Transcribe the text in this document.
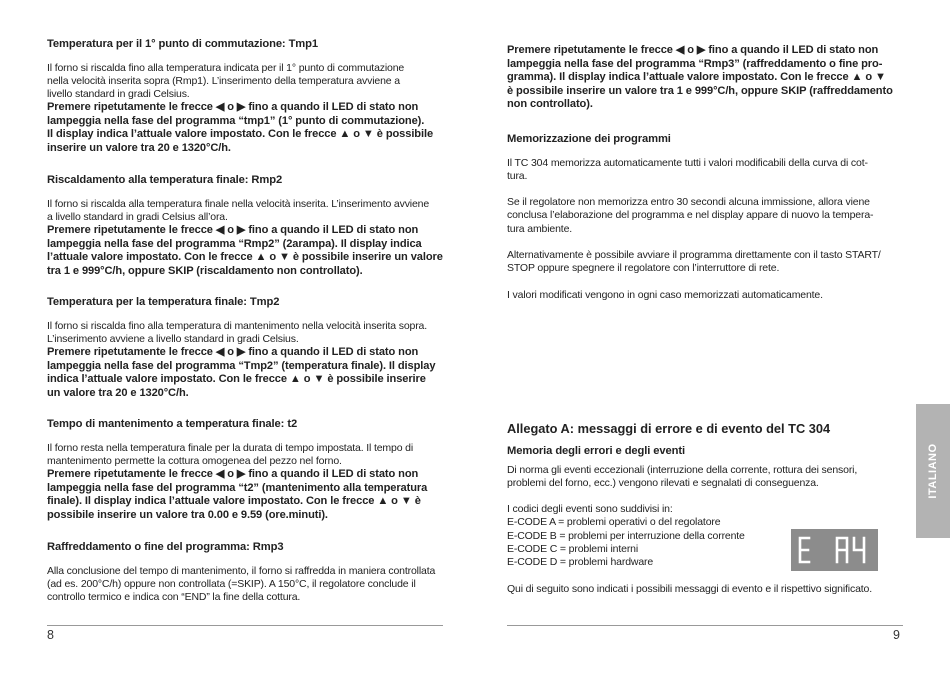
Temperatura per il 1° punto di commutazione: Tmp1
Il forno si riscalda fino alla temperatura indicata per il 1° punto di commutazione
nella velocità inserita sopra (Rmp1). L’inserimento della temperatura avviene a
livello standard in gradi Celsius.
Premere ripetutamente le frecce ◀ o ▶ fino a quando il LED di stato non
lampeggia nella fase del programma “tmp1” (1° punto di commutazione).
Il display indica l’attuale valore impostato. Con le frecce ▲ o ▼ è possibile
inserire un valore tra 20 e 1320°C/h.
Riscaldamento alla temperatura finale: Rmp2
Il forno si riscalda alla temperatura finale nella velocità inserita. L’inserimento avviene
a livello standard in gradi Celsius all’ora.
Premere ripetutamente le frecce ◀ o ▶ fino a quando il LED di stato non
lampeggia nella fase del programma “Rmp2” (2arampa). Il display indica
l’attuale valore impostato. Con le frecce ▲ o ▼ è possibile inserire un valore
tra 1 e 999°C/h, oppure SKIP (riscaldamento non controllato).
Temperatura per la temperatura finale: Tmp2
Il forno si riscalda fino alla temperatura di mantenimento nella velocità inserita sopra.
L’inserimento avviene a livello standard in gradi Celsius.
Premere ripetutamente le frecce ◀ o ▶ fino a quando il LED di stato non
lampeggia nella fase del programma “Tmp2” (temperatura finale). Il display
indica l’attuale valore impostato. Con le frecce ▲ o ▼ è possibile inserire
un valore tra 20 e 1320°C/h.
Tempo di mantenimento a temperatura finale: t2
Il forno resta nella temperatura finale per la durata di tempo impostata. Il tempo di
mantenimento permette la cottura omogenea del pezzo nel forno.
Premere ripetutamente le frecce ◀ o ▶ fino a quando il LED di stato non
lampeggia nella fase del programma “t2” (mantenimento alla temperatura
finale). Il display indica l’attuale valore impostato. Con le frecce ▲ o ▼ è
possibile inserire un valore tra 0.00 e 9.59 (ore.minuti).
Raffreddamento o fine del programma: Rmp3
Alla conclusione del tempo di mantenimento, il forno si raffredda in maniera controllata
(ad es. 200°C/h) oppure non controllata (=SKIP). A 150°C, il regolatore conclude il
controllo termico e indica con “END” la fine della cottura.
8
Premere ripetutamente le frecce ◀ o ▶ fino a quando il LED di stato non
lampeggia nella fase del programma “Rmp3” (raffreddamento o fine pro-
gramma). Il display indica l’attuale valore impostato. Con le frecce ▲ o ▼
è possibile inserire un valore tra 1 e 999°C/h, oppure SKIP (raffreddamento
non controllato).
Memorizzazione dei programmi
Il TC 304 memorizza automaticamente tutti i valori modificabili della curva di cot-
tura.
Se il regolatore non memorizza entro 30 secondi alcuna immissione, allora viene
conclusa l’elaborazione del programma e nel display appare di nuovo la tempera-
tura ambiente.
Alternativamente è possibile avviare il programma direttamente con il tasto START/
STOP oppure spegnere il regolatore con l’interruttore di rete.
I valori modificati vengono in ogni caso memorizzati automaticamente.
Allegato A: messaggi di errore e di evento del TC 304
Memoria degli errori e degli eventi
Di norma gli eventi eccezionali (interruzione della corrente, rottura dei sensori,
problemi del forno, ecc.) vengono rilevati e segnalati di conseguenza.
I codici degli eventi sono suddivisi in:
E-CODE A = problemi operativi o del regolatore
E-CODE B = problemi per interruzione della corrente
E-CODE C = problemi interni
E-CODE D = problemi hardware
Qui di seguito sono indicati i possibili messaggi di evento e il rispettivo significato.
9
ITALIANO
